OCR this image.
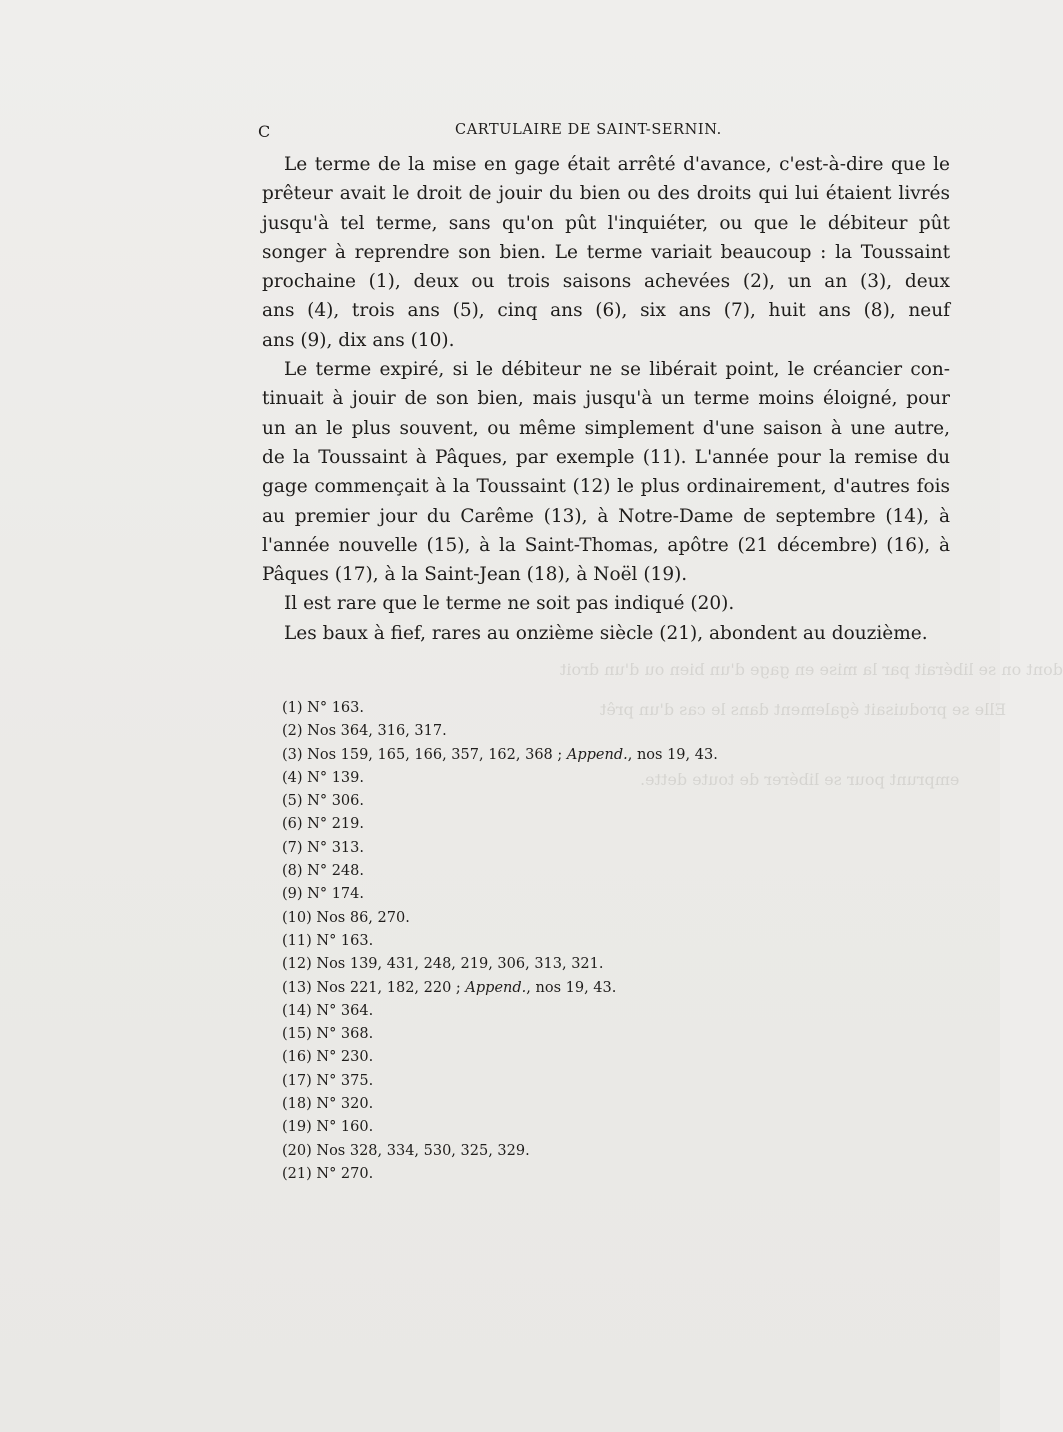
dont on se libérait par la mise en gage d'un bien ou d'un droit
Elle se produisait également dans le cas d'un prêt
emprunt pour se libérer de toute dette.
C	CARTULAIRE DE SAINT-SERNIN.
Le terme de la mise en gage était arrêté d'avance, c'est-à-dire que le
prêteur avait le droit de jouir du bien ou des droits qui lui étaient livrés
jusqu'à tel terme, sans qu'on pût l'inquiéter, ou que le débiteur pût
songer à reprendre son bien. Le terme variait beaucoup : la Toussaint
prochaine (1), deux ou trois saisons achevées (2), un an (3), deux
ans (4), trois ans (5), cinq ans (6), six ans (7), huit ans (8), neuf
ans (9), dix ans (10).
Le terme expiré, si le débiteur ne se libérait point, le créancier con-
tinuait à jouir de son bien, mais jusqu'à un terme moins éloigné, pour
un an le plus souvent, ou même simplement d'une saison à une autre,
de la Toussaint à Pâques, par exemple (11). L'année pour la remise du
gage commençait à la Toussaint (12) le plus ordinairement, d'autres fois
au premier jour du Carême (13), à Notre-Dame de septembre (14), à
l'année nouvelle (15), à la Saint-Thomas, apôtre (21 décembre) (16), à
Pâques (17), à la Saint-Jean (18), à Noël (19).
Il est rare que le terme ne soit pas indiqué (20).
Les baux à fief, rares au onzième siècle (21), abondent au douzième.
(1) N° 163.
(2) Nos 364, 316, 317.
(3) Nos 159, 165, 166, 357, 162, 368 ; Append., nos 19, 43.
(4) N° 139.
(5) N° 306.
(6) N° 219.
(7) N° 313.
(8) N° 248.
(9) N° 174.
(10) Nos 86, 270.
(11) N° 163.
(12) Nos 139, 431, 248, 219, 306, 313, 321.
(13) Nos 221, 182, 220 ; Append., nos 19, 43.
(14) N° 364.
(15) N° 368.
(16) N° 230.
(17) N° 375.
(18) N° 320.
(19) N° 160.
(20) Nos 328, 334, 530, 325, 329.
(21) N° 270.
